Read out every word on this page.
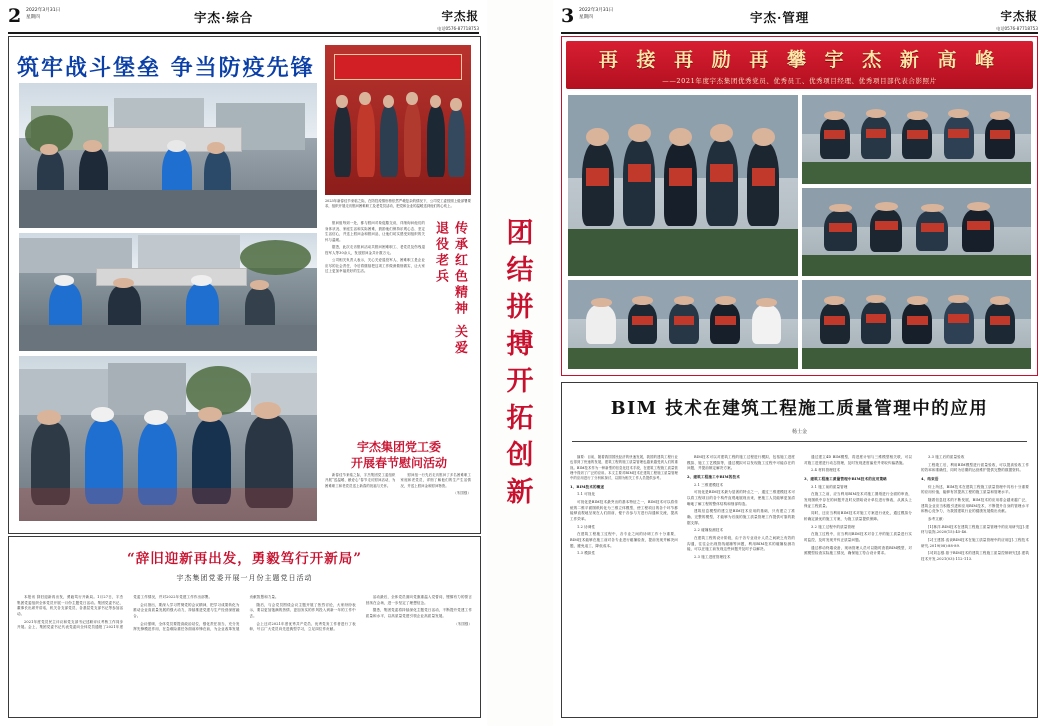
2	2022年3月31日
星期四	宇杰·综合	宇杰报
电话0576-87718753
筑牢战斗堡垒 争当防疫先锋
2023年新春佳节来临之际，在防控疫情形势依然严峻复杂的情况下，公司党工委按照上级部署要求，组织开展走访慰问困难职工及老党员活动，把党和企业的温暖送到他们的心坎上。
传承红色精神 关爱退役老兵

慰问组每到一处，都与慰问对象促膝交谈，详细询问他们的身体状况、家庭生活和实际困难，鼓励他们保持乐观心态、坚定生活信心，并送上慰问金和慰问品，让他们切实感受到组织的关怀与温暖。

据悉，此次走访慰问活动共慰问困难职工、老党员及伤残退役军人等30余人，发放慰问金共计数万元。

公司相关负责人表示，关心关爱退役军人、困难职工是企业应尽的社会责任，今后将继续把这项工作做深做细做实，让大家过上更加幸福美好的生活。

宇杰集团党工委
开展春节慰问活动

新春佳节来临之际，宇杰集团党工委组织开展“送温暖、献爱心”春节走访慰问活动，为困难职工和老党员送上新春的祝福与关怀。

慰问组一行先后走访慰问了多名困难职工家庭和老党员，详细了解他们的生产生活情况，并送上慰问金和慰问物资。

（朱国强）
“辞旧迎新再出发，勇毅笃行开新局”
宇杰集团党委开展一月份主题党日活动

本报讯 辞旧迎新再出发，勇毅笃行开新局。1月27日，宇杰集团党委组织全体党员开展一月份主题党日活动。集团党委书记、董事长出席并讲话，机关各支部党员、各基层党支部书记等参加活动。

2021年度党员民主评议和党支部书记述职评议考核工作同步开展。会上，集团党委书记代表党委向全体党员通报了2021年度党委工作情况，并对2022年党建工作作出部署。

会议指出，要深入学习贯彻党的会议精神，把学习成果转化为推动企业高质量发展的强大动力，持续推进党建与生产经营深度融合。

会议强调，全体党员要提高政治站位，强化责任担当，充分发挥先锋模范作用，在急难险重任务面前冲锋在前，为企业改革发展贡献智慧和力量。

随后，与会党员围绕会议主题开展了热烈讨论，大家纷纷表示，要以更加饱满的热情、更加务实的作风投入到新一年的工作中去。

会上还对2021年度优秀共产党员、优秀党务工作者进行了表彰，号召广大党员向先进典型学习，立足岗位作贡献。

活动最后，全体党员面向党旗重温入党誓词，铿锵有力的誓言回荡在会场，进一步坚定了理想信念。

据悉，集团党委将持续深化主题党日活动，不断提升党建工作质量和水平，以高质量党建引领企业高质量发展。

（朱国强）
团
结
拼
搏
开
拓
创
新
3	2022年3月31日
星期四	宇杰·管理	宇杰报
电话0576-87718753
再 接 再 励 再 攀 宇 杰 新 高 峰
——2021年度宇杰集团优秀党员、优秀员工、优秀项目经理、优秀项目部代表合影照片
BIM 技术在建筑工程施工质量管理中的应用
杨士金

摘要：目前，随着我国国民经济的快速发展，我国的建筑工程行业也得到了快速的发展，建筑工程的施工质量管理也越来越受到人们的重视。BIM技术作为一种新型的信息化技术手段，在建筑工程施工质量管理中得到了广泛的应用。本文主要对BIM技术在建筑工程施工质量管理中的应用进行了分析和探讨，以期为相关工作人员提供参考。

1、BIM技术的概述

1.1 可视化

可视化是BIM技术最突出的基本特征之一，BIM技术可以将传统的二维平面图纸转化为三维立体模型，使工程项目的各个环节都能够直观地呈现在人们面前，便于各参与方进行沟通和交流，提高工作效率。

1.2 协调性

在建筑工程施工过程中，各专业之间的协调工作十分重要，BIM技术能够在施工前对各专业进行碰撞检查，提前发现并解决问题，避免返工，降低成本。

1.3 模拟性

BIM技术可以对建筑工程的施工过程进行模拟，包括施工进度模拟、施工工艺模拟等，通过模拟可以发现施工过程中可能存在的问题，并提前制定解决方案。

2、建筑工程施工中BIM的技术

2.1 三维建模技术

可视化是BIM技术最为显著的特点之一，通过三维建模技术可以将工程项目的各个构件直观地展现出来，使施工人员能够更加清晰地了解工程的整体结构和细部构造。

建筑信息模型的建立是BIM技术应用的基础，只有建立了准确、完整的模型，才能够为后续的施工质量管理工作提供可靠的数据支撑。

2.2 碰撞检测技术

在建筑工程的设计阶段，由于各专业设计人员之间缺乏有效的沟通，往往会出现管线碰撞等问题，利用BIM技术的碰撞检测功能，可以在施工前发现这些问题并及时予以解决。

2.3 施工进度管理技术

通过建立4D BIM模型，将进度计划与三维模型相关联，可以对施工进度进行动态管理，及时发现进度偏差并采取纠偏措施。

2.4 材料管理技术

3、建筑工程施工质量管理中BIM技术的应用策略

3.1 施工前的质量管理

在施工之前，应当利用BIM技术对施工图纸进行全面的审查，发现图纸中存在的问题并及时反馈给设计单位进行修改，从源头上保证工程质量。

同时，还应当利用BIM技术对施工方案进行优化，通过模拟分析确定最优的施工方案，为施工质量提供保障。

3.2 施工过程中的质量管理

在施工过程中，应当利用BIM技术对各工序的施工质量进行实时监控，及时发现并纠正质量问题。

通过移动终端设备，现场管理人员可以随时查看BIM模型，对照模型检查实际施工情况，确保施工符合设计要求。

3.3 施工后的质量验收

工程竣工后，利用BIM模型进行质量验收，可以提高验收工作的效率和准确性，同时为后期的运营维护提供完整的数据资料。

4、结束语

综上所述，BIM技术在建筑工程施工质量管理中具有十分重要的应用价值，能够有效提高工程的施工质量和管理水平。

随着信息技术的不断发展，BIM技术的应用将会越来越广泛，建筑企业应当积极引进和应用BIM技术，不断提升自身的管理水平和核心竞争力，为我国建筑行业的健康发展做出贡献。

参考文献：

[1]林洋.BIM技术在建筑工程施工质量管理中的应用研究[J].建材与装饰,2020(15):45-46.

[2]王建国.浅谈BIM技术在施工质量管理中的应用[J].工程技术研究,2019(08):88-89.

[3]刘志强.基于BIM技术的建筑工程施工质量控制研究[J].建筑技术开发,2021(03):112-113.
